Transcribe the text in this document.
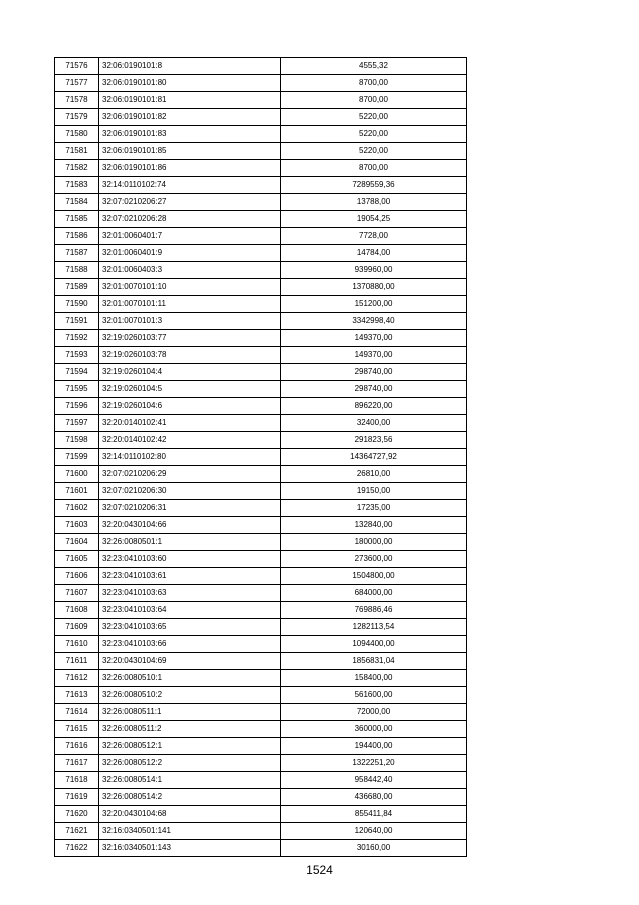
71576	32:06:0190101:8	4555,32
71577	32:06:0190101:80	8700,00
71578	32:06:0190101:81	8700,00
71579	32:06:0190101:82	5220,00
71580	32:06:0190101:83	5220,00
71581	32:06:0190101:85	5220,00
71582	32:06:0190101:86	8700,00
71583	32:14:0110102:74	7289559,36
71584	32:07:0210206:27	13788,00
71585	32:07:0210206:28	19054,25
71586	32:01:0060401:7	7728,00
71587	32:01:0060401:9	14784,00
71588	32:01:0060403:3	939960,00
71589	32:01:0070101:10	1370880,00
71590	32:01:0070101:11	151200,00
71591	32:01:0070101:3	3342998,40
71592	32:19:0260103:77	149370,00
71593	32:19:0260103:78	149370,00
71594	32:19:0260104:4	298740,00
71595	32:19:0260104:5	298740,00
71596	32:19:0260104:6	896220,00
71597	32:20:0140102:41	32400,00
71598	32:20:0140102:42	291823,56
71599	32:14:0110102:80	14364727,92
71600	32:07:0210206:29	26810,00
71601	32:07:0210206:30	19150,00
71602	32:07:0210206:31	17235,00
71603	32:20:0430104:66	132840,00
71604	32:26:0080501:1	180000,00
71605	32:23:0410103:60	273600,00
71606	32:23:0410103:61	1504800,00
71607	32:23:0410103:63	684000,00
71608	32:23:0410103:64	769886,46
71609	32:23:0410103:65	1282113,54
71610	32:23:0410103:66	1094400,00
71611	32:20:0430104:69	1856831,04
71612	32:26:0080510:1	158400,00
71613	32:26:0080510:2	561600,00
71614	32:26:0080511:1	72000,00
71615	32:26:0080511:2	360000,00
71616	32:26:0080512:1	194400,00
71617	32:26:0080512:2	1322251,20
71618	32:26:0080514:1	958442,40
71619	32:26:0080514:2	436680,00
71620	32:20:0430104:68	855411,84
71621	32:16:0340501:141	120640,00
71622	32:16:0340501:143	30160,00
1524
